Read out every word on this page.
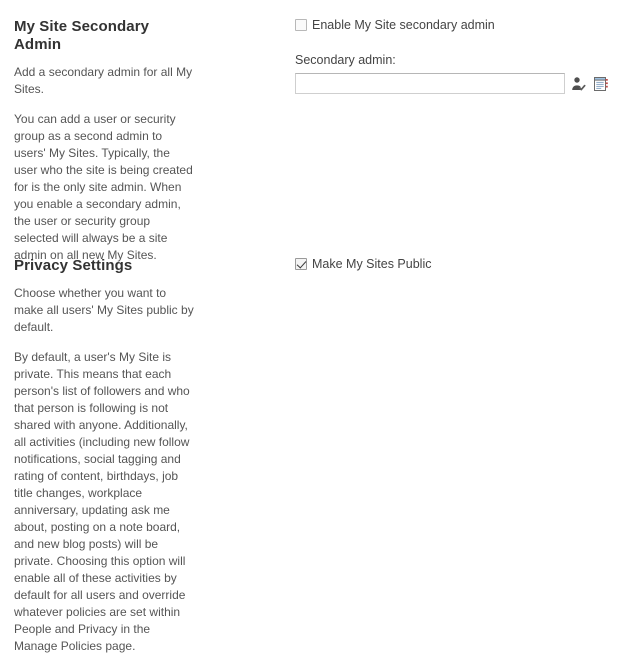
My Site Secondary Admin

Add a secondary admin for all My Sites.

You can add a user or security group as a second admin to users' My Sites. Typically, the user who the site is being created for is the only site admin. When you enable a secondary admin, the user or security group selected will always be a site admin on all new My Sites.

Enable My Site secondary admin
Secondary admin:
Privacy Settings

Choose whether you want to make all users' My Sites public by default.

By default, a user's My Site is private. This means that each person's list of followers and who that person is following is not shared with anyone. Additionally, all activities (including new follow notifications, social tagging and rating of content, birthdays, job title changes, workplace anniversary, updating ask me about, posting on a note board, and new blog posts) will be private. Choosing this option will enable all of these activities by default for all users and override whatever policies are set within People and Privacy in the Manage Policies page.

Make My Sites Public
